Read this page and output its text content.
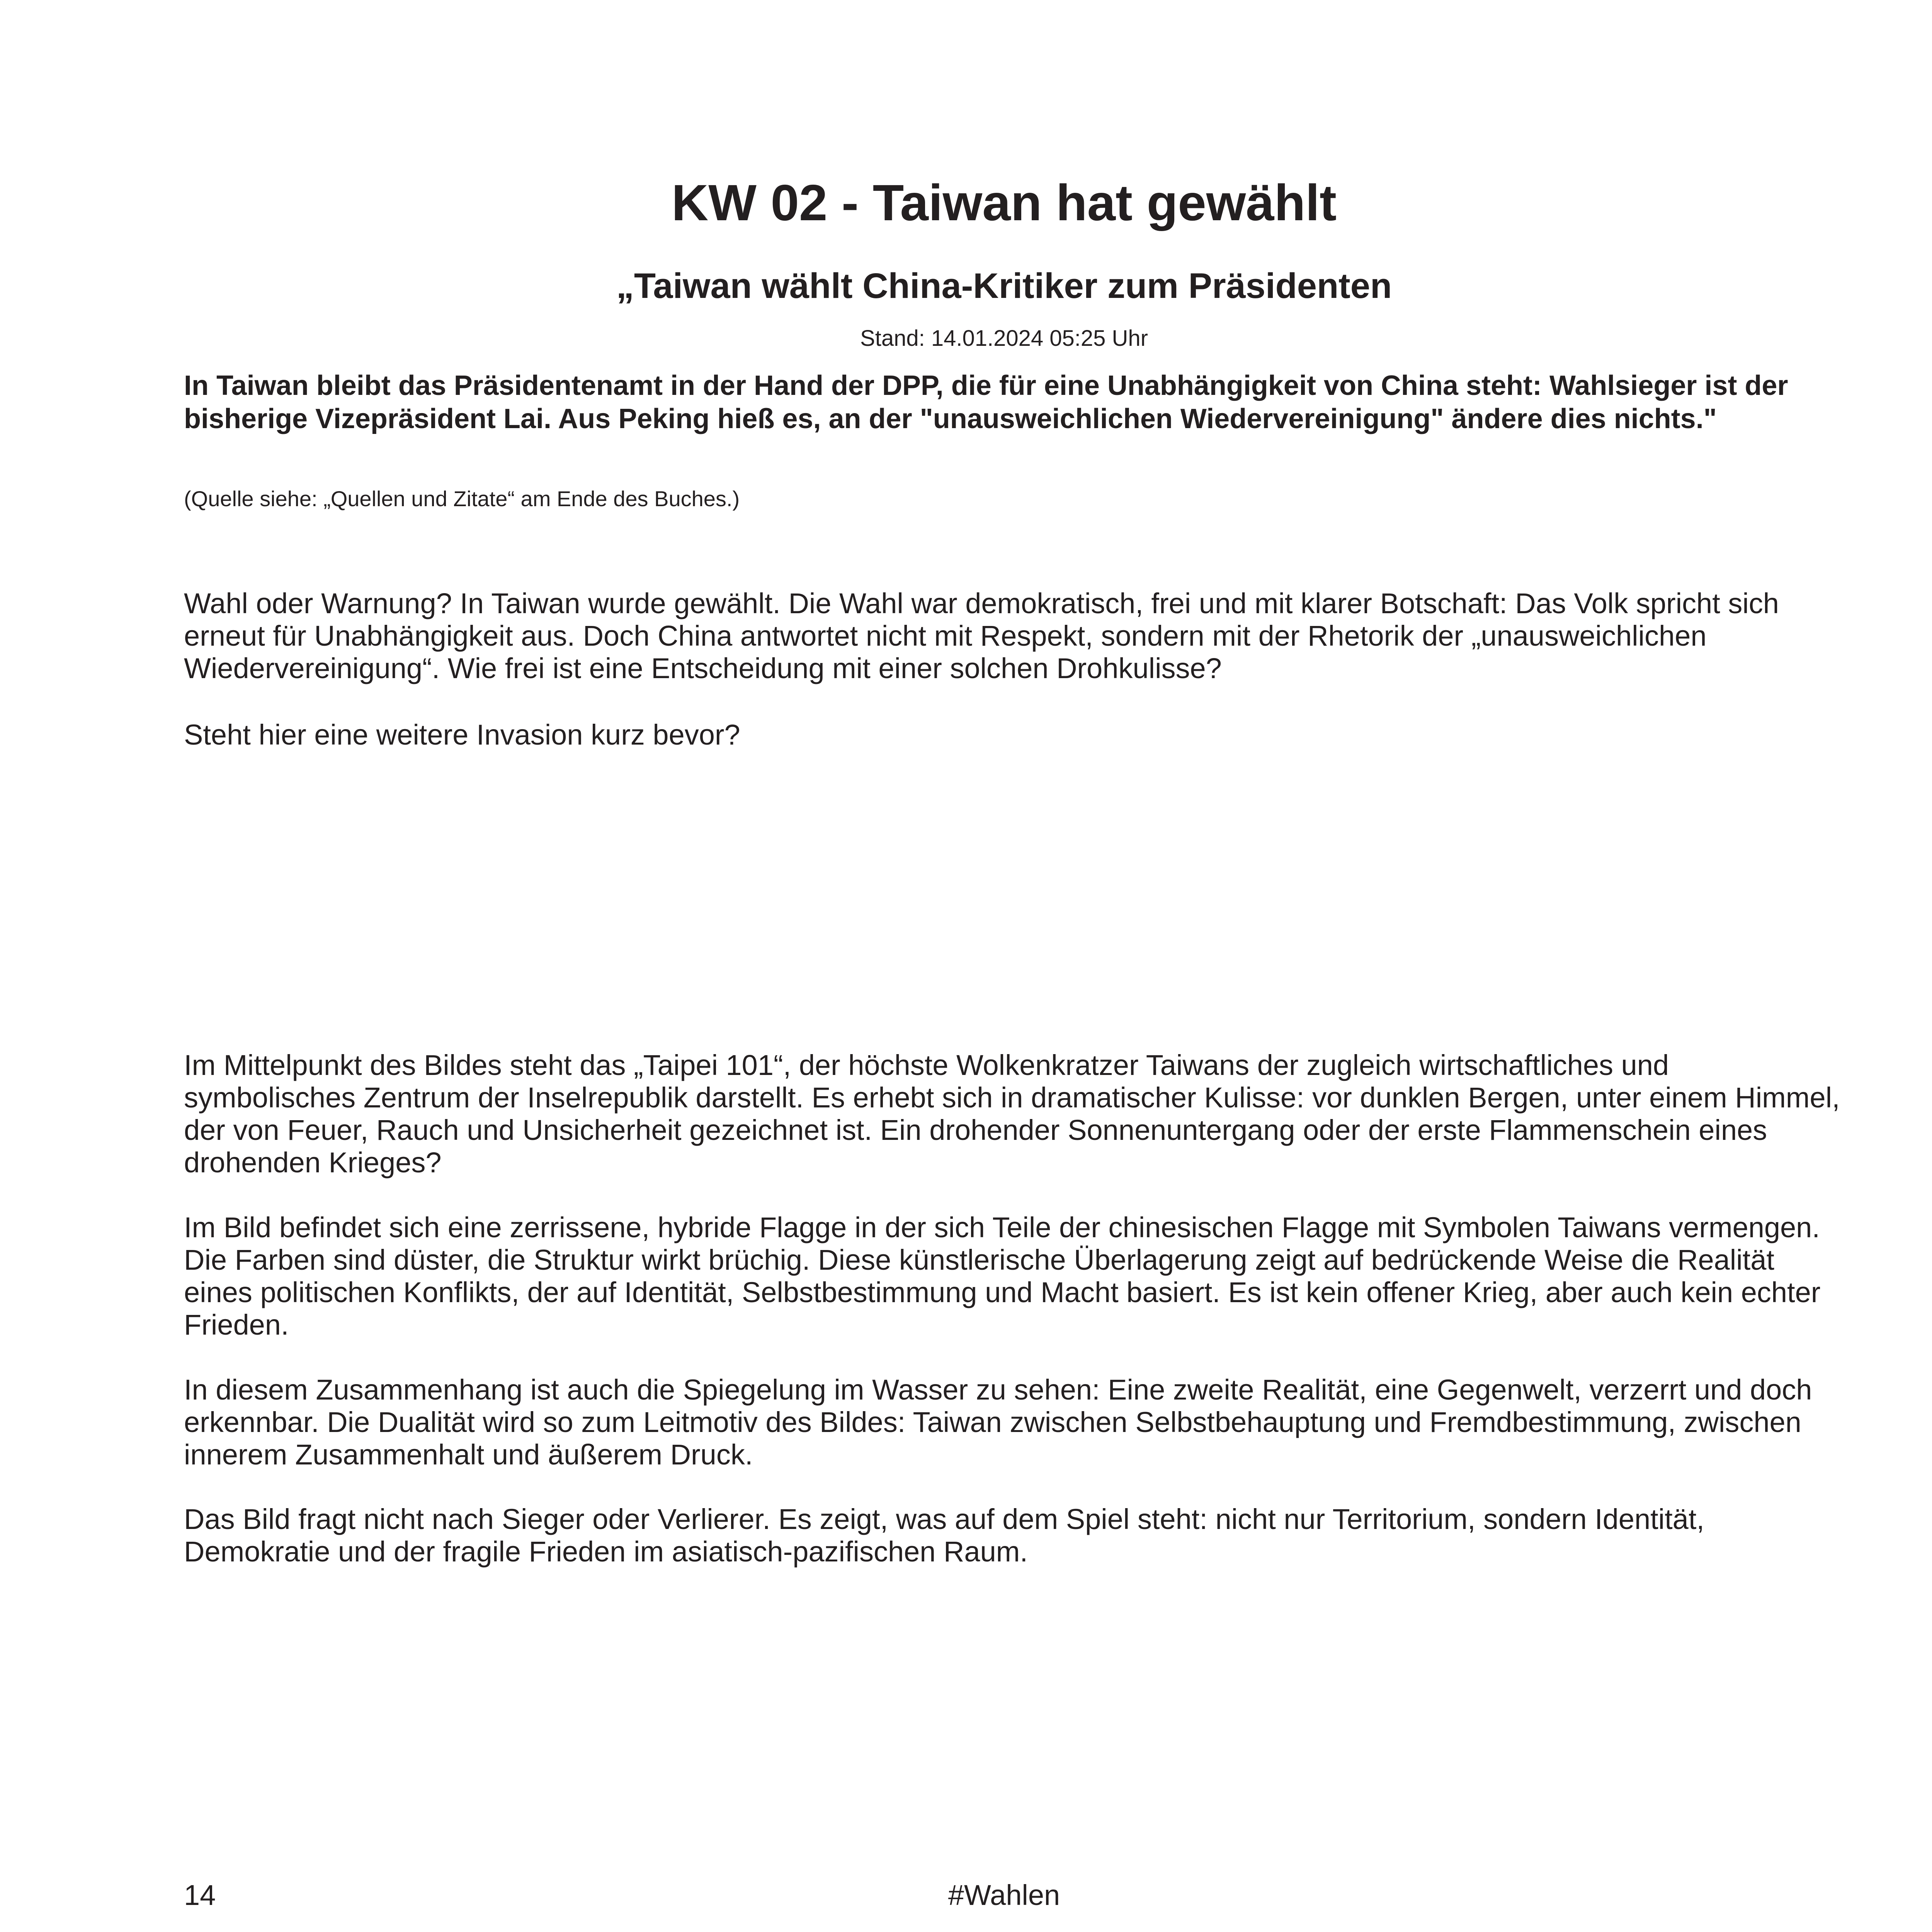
KW 02 - Taiwan hat gewählt
„Taiwan wählt China-Kritiker zum Präsidenten

Stand: 14.01.2024 05:25 Uhr

In Taiwan bleibt das Präsidentenamt in der Hand der DPP, die für eine Unabhängigkeit von China steht: Wahlsieger ist der bisherige Vizepräsident Lai. Aus Peking hieß es, an der "unausweichlichen Wiedervereinigung" ändere dies nichts."

(Quelle siehe: „Quellen und Zitate“ am Ende des Buches.)

Wahl oder Warnung? In Taiwan wurde gewählt. Die Wahl war demokratisch, frei und mit klarer Botschaft: Das Volk spricht sich erneut für Unabhängigkeit aus. Doch China antwortet nicht mit Respekt, sondern mit der Rhetorik der „unausweichlichen Wiedervereinigung“. Wie frei ist eine Entscheidung mit einer solchen Drohkulisse?

Steht hier eine weitere Invasion kurz bevor?

Im Mittelpunkt des Bildes steht das „Taipei 101“, der höchste Wolkenkratzer Taiwans der zugleich wirtschaftliches und symbolisches Zentrum der Inselrepublik darstellt. Es erhebt sich in dramatischer Kulisse: vor dunklen Bergen, unter einem Himmel, der von Feuer, Rauch und Unsicherheit gezeichnet ist. Ein drohender Sonnenuntergang oder der erste Flammenschein eines drohenden Krieges?

Im Bild befindet sich eine zerrissene, hybride Flagge in der sich Teile der chinesischen Flagge mit Symbolen Taiwans vermengen. Die Farben sind düster, die Struktur wirkt brüchig. Diese künstlerische Überlagerung zeigt auf bedrückende Weise die Realität eines politischen Konflikts, der auf Identität, Selbstbestimmung und Macht basiert. Es ist kein offener Krieg, aber auch kein echter Frieden.

In diesem Zusammenhang ist auch die Spiegelung im Wasser zu sehen: Eine zweite Realität, eine Gegenwelt, verzerrt und doch erkennbar. Die Dualität wird so zum Leitmotiv des Bildes: Taiwan zwischen Selbstbehauptung und Fremdbestimmung, zwischen innerem Zusammenhalt und äußerem Druck.

Das Bild fragt nicht nach Sieger oder Verlierer. Es zeigt, was auf dem Spiel steht: nicht nur Territorium, sondern Identität, Demokratie und der fragile Frieden im asiatisch-pazifischen Raum.

14	#Wahlen
